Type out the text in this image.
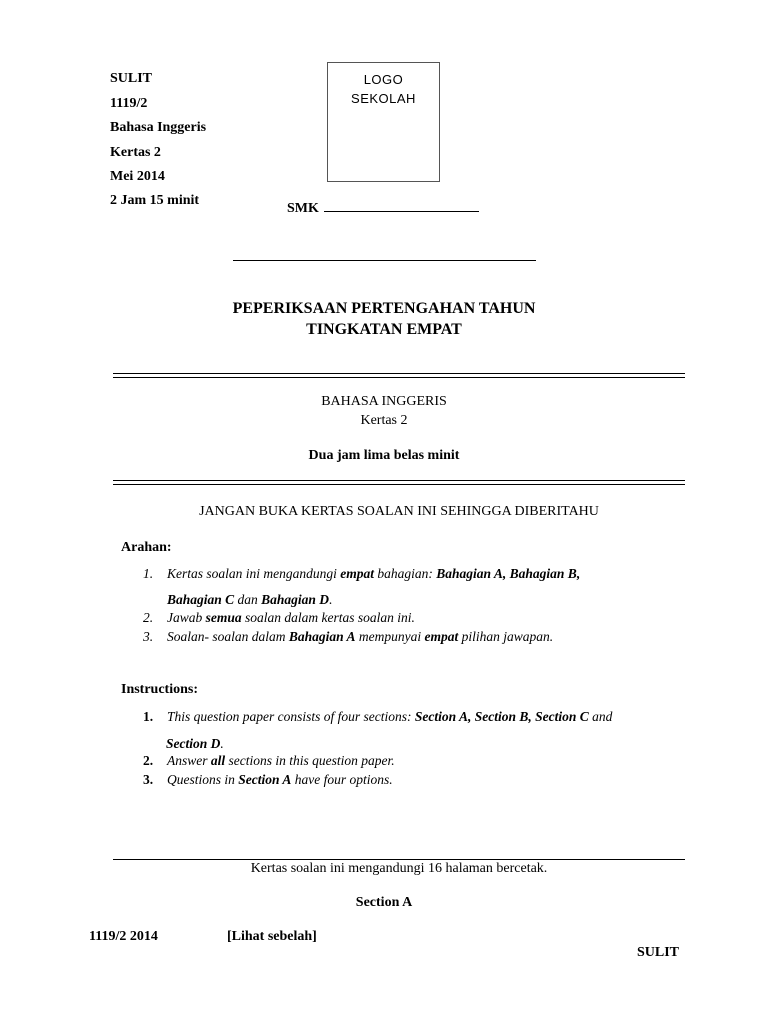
SULIT
1119/2
Bahasa Inggeris
Kertas 2
Mei 2014
2 Jam 15 minit
LOGO
SEKOLAH
SMK
PEPERIKSAAN PERTENGAHAN TAHUN
TINGKATAN EMPAT
BAHASA INGGERIS
Kertas 2
Dua jam lima belas minit
JANGAN BUKA KERTAS SOALAN INI SEHINGGA DIBERITAHU
Arahan:
1.	Kertas soalan ini mengandungi empat bahagian: Bahagian A, Bahagian B,
Bahagian C dan Bahagian D.
2.	Jawab semua soalan dalam kertas soalan ini.
3.	Soalan- soalan dalam Bahagian A mempunyai empat pilihan jawapan.
Instructions:
1.	This question paper consists of four sections: Section A, Section B, Section C and
Section D.
2.	Answer all sections in this question paper.
3.	Questions in Section A have four options.
Kertas soalan ini mengandungi 16 halaman bercetak.
Section A
1119/2 2014	[Lihat sebelah]
SULIT
